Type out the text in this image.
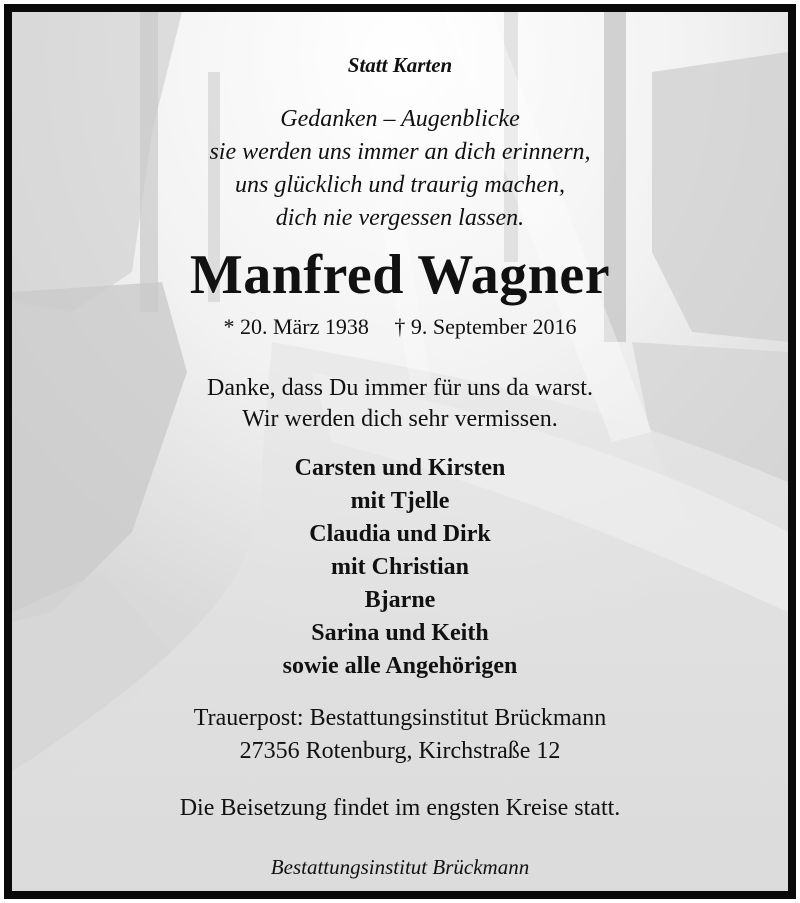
Statt Karten
Gedanken – Augenblicke
sie werden uns immer an dich erinnern,
uns glücklich und traurig machen,
dich nie vergessen lassen.
Manfred Wagner
* 20. März 1938 † 9. September 2016
Danke, dass Du immer für uns da warst.
Wir werden dich sehr vermissen.
Carsten und Kirsten
mit Tjelle
Claudia und Dirk
mit Christian
Bjarne
Sarina und Keith
sowie alle Angehörigen
Trauerpost: Bestattungsinstitut Brückmann
27356 Rotenburg, Kirchstraße 12
Die Beisetzung findet im engsten Kreise statt.
Bestattungsinstitut Brückmann
